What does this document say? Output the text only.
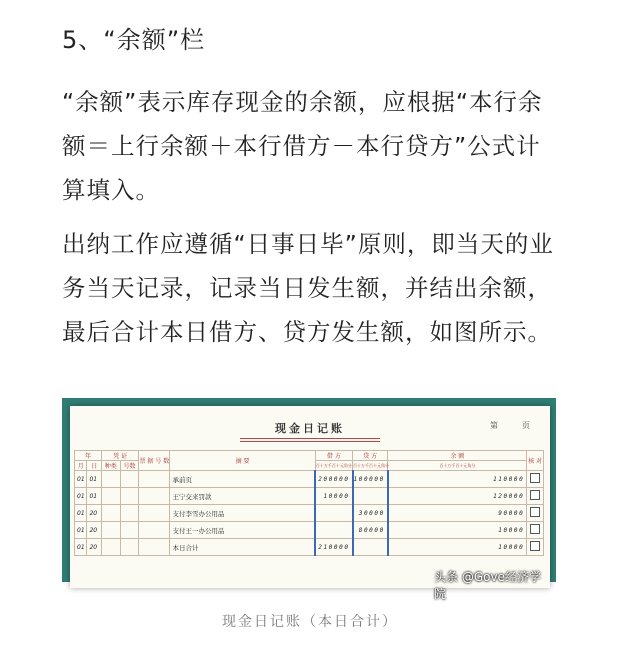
5、“余额”栏

“余额”表示库存现金的余额，应根据“本行余额＝上行余额＋本行借方－本行贷方”公式计算填入。

出纳工作应遵循“日事日毕”原则，即当天的业务当天记录，记录当日发生额，并结出余额，最后合计本日借方、贷方发生额，如图所示。

现金日记账	第	页
年		凭 证		票 据 号 数	摘 要	借 方	贷 方	余 额	核 对
月	日	种类	号数			百十万千百十元角分	百十万千百十元角分	百十万千百十元角分	
01	01				承前页	200000	100000	110000	
01	01				王宁交来罚款	10000		120000	
01	20				支付李雪办公用品		30000	90000	
01	20				支付王一办公用品		80000	10000	
01	20				本日合计	210000		10000	
头条 @Gove经济学院
现金日记账（本日合计）
